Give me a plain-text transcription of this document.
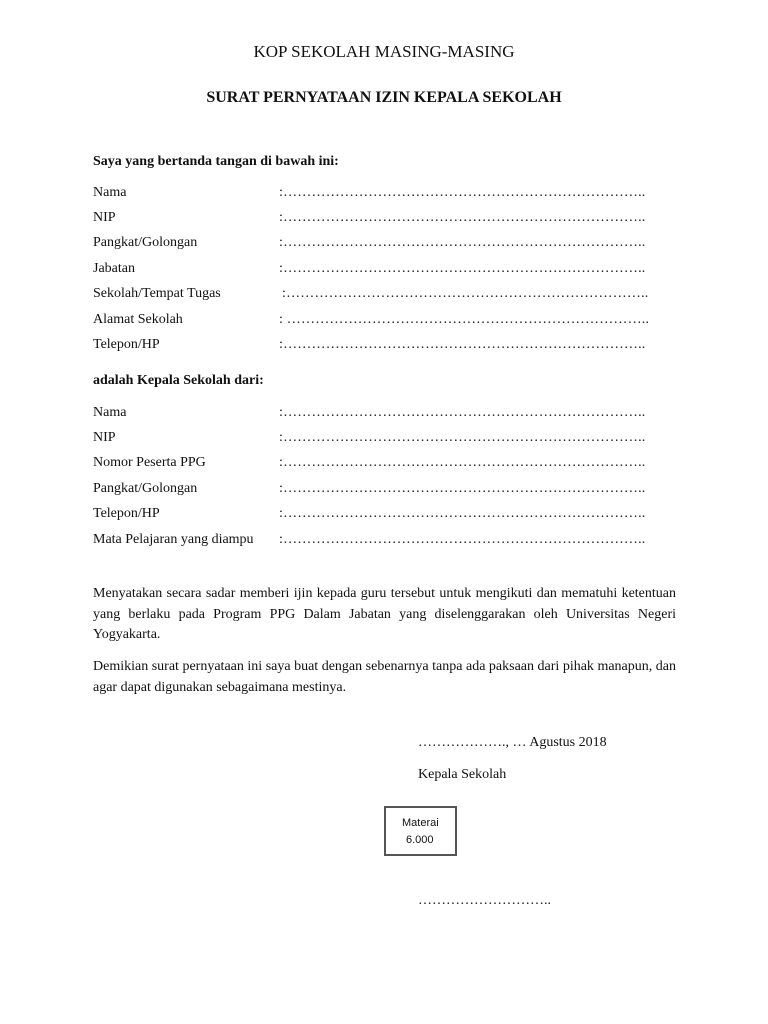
KOP SEKOLAH MASING-MASING
SURAT PERNYATAAN IZIN KEPALA SEKOLAH
Saya yang bertanda tangan di bawah ini:
Nama	:…………………………………………………………………..
NIP	:…………………………………………………………………..
Pangkat/Golongan	:…………………………………………………………………..
Jabatan	:…………………………………………………………………..
Sekolah/Tempat Tugas	:…………………………………………………………………..
Alamat Sekolah	: …………………………………………………………………..
Telepon/HP	:…………………………………………………………………..
adalah Kepala Sekolah dari:
Nama	:…………………………………………………………………..
NIP	:…………………………………………………………………..
Nomor Peserta PPG	:…………………………………………………………………..
Pangkat/Golongan	:…………………………………………………………………..
Telepon/HP	:…………………………………………………………………..
Mata Pelajaran yang diampu :…………………………………………………………………..
Menyatakan secara sadar memberi ijin kepada guru tersebut untuk mengikuti dan mematuhi ketentuan yang berlaku pada Program PPG Dalam Jabatan yang diselenggarakan oleh Universitas Negeri Yogyakarta.
Demikian surat pernyataan ini saya buat dengan sebenarnya tanpa ada paksaan dari pihak manapun, dan agar dapat digunakan sebagaimana mestinya.
………………., … Agustus 2018
Kepala Sekolah
Materai
6.000
………………………..
